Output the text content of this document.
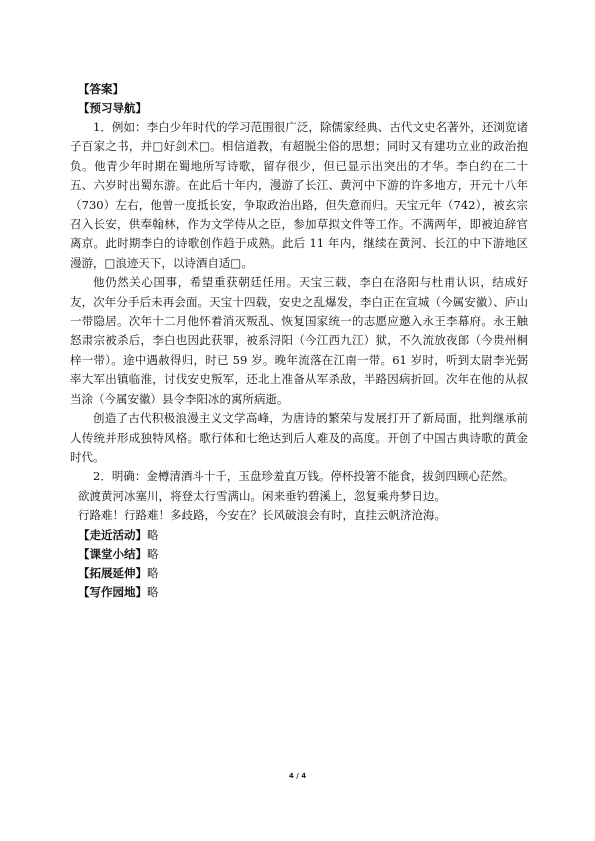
【答案】

【预习导航】

1．例如：李白少年时代的学习范围很广泛，除儒家经典、古代文史名著外，还浏览诸子百家之书，并□好剑术□。相信道教，有超脱尘俗的思想；同时又有建功立业的政治抱负。他青少年时期在蜀地所写诗歌，留存很少，但已显示出突出的才华。李白约在二十五、六岁时出蜀东游。在此后十年内，漫游了长江、黄河中下游的许多地方，开元十八年（730）左右，他曾一度抵长安，争取政治出路，但失意而归。天宝元年（742），被玄宗召入长安，供奉翰林，作为文学侍从之臣，参加草拟文件等工作。不满两年，即被迫辞官离京。此时期李白的诗歌创作趋于成熟。此后 11 年内，继续在黄河、长江的中下游地区漫游，□浪迹天下，以诗酒自适□。

他仍然关心国事，希望重获朝廷任用。天宝三载，李白在洛阳与杜甫认识，结成好友，次年分手后未再会面。天宝十四载，安史之乱爆发，李白正在宣城（今属安徽）、庐山一带隐居。次年十二月他怀着消灭叛乱、恢复国家统一的志愿应邀入永王李幕府。永王触怒肃宗被杀后，李白也因此获罪，被系浔阳（今江西九江）狱，不久流放夜郎（今贵州桐梓一带）。途中遇赦得归，时已 59 岁。晚年流落在江南一带。61 岁时，听到太尉李光弼率大军出镇临淮，讨伐安史叛军，还北上准备从军杀敌，半路因病折回。次年在他的从叔当涂（今属安徽）县令李阳冰的寓所病逝。

创造了古代积极浪漫主义文学高峰，为唐诗的繁荣与发展打开了新局面，批判继承前人传统并形成独特风格。歌行体和七绝达到后人难及的高度。开创了中国古典诗歌的黄金时代。

2．明确：金樽清酒斗十千，玉盘珍羞直万钱。停杯投箸不能食，拔剑四顾心茫然。

欲渡黄河冰塞川，将登太行雪满山。闲来垂钓碧溪上，忽复乘舟梦日边。

行路难！行路难！多歧路，今安在？长风破浪会有时，直挂云帆济沧海。

【走近活动】略

【课堂小结】略

【拓展延伸】略

【写作园地】略

4 / 4
